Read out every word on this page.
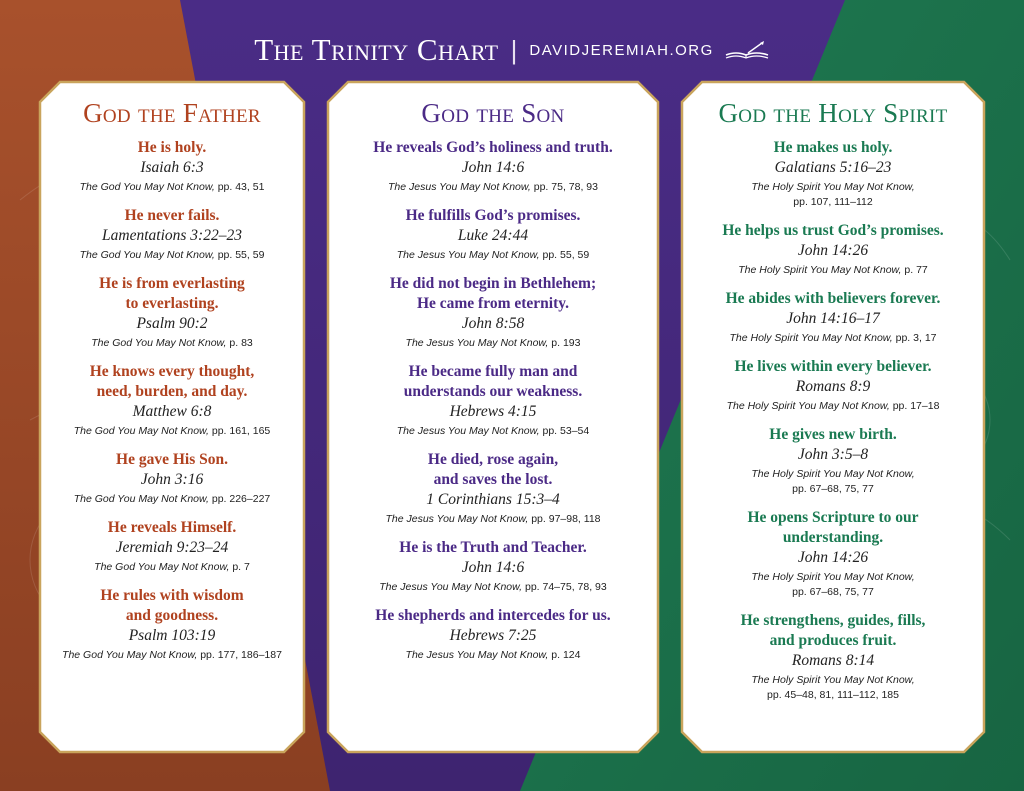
The Trinity Chart | DAVIDJEREMIAH.ORG
God the Father
He is holy.
Isaiah 6:3
The God You May Not Know, pp. 43, 51
He never fails.
Lamentations 3:22–23
The God You May Not Know, pp. 55, 59
He is from everlasting
to everlasting.
Psalm 90:2
The God You May Not Know, p. 83
He knows every thought,
need, burden, and day.
Matthew 6:8
The God You May Not Know, pp. 161, 165
He gave His Son.
John 3:16
The God You May Not Know, pp. 226–227
He reveals Himself.
Jeremiah 9:23–24
The God You May Not Know, p. 7
He rules with wisdom
and goodness.
Psalm 103:19
The God You May Not Know, pp. 177, 186–187
God the Son
He reveals God’s holiness and truth.
John 14:6
The Jesus You May Not Know, pp. 75, 78, 93
He fulfills God’s promises.
Luke 24:44
The Jesus You May Not Know, pp. 55, 59
He did not begin in Bethlehem;
He came from eternity.
John 8:58
The Jesus You May Not Know, p. 193
He became fully man and
understands our weakness.
Hebrews 4:15
The Jesus You May Not Know, pp. 53–54
He died, rose again,
and saves the lost.
1 Corinthians 15:3–4
The Jesus You May Not Know, pp. 97–98, 118
He is the Truth and Teacher.
John 14:6
The Jesus You May Not Know, pp. 74–75, 78, 93
He shepherds and intercedes for us.
Hebrews 7:25
The Jesus You May Not Know, p. 124
God the Holy Spirit
He makes us holy.
Galatians 5:16–23
The Holy Spirit You May Not Know,
pp. 107, 111–112
He helps us trust God’s promises.
John 14:26
The Holy Spirit You May Not Know, p. 77
He abides with believers forever.
John 14:16–17
The Holy Spirit You May Not Know, pp. 3, 17
He lives within every believer.
Romans 8:9
The Holy Spirit You May Not Know, pp. 17–18
He gives new birth.
John 3:5–8
The Holy Spirit You May Not Know,
pp. 67–68, 75, 77
He opens Scripture to our
understanding.
John 14:26
The Holy Spirit You May Not Know,
pp. 67–68, 75, 77
He strengthens, guides, fills,
and produces fruit.
Romans 8:14
The Holy Spirit You May Not Know,
pp. 45–48, 81, 111–112, 185
